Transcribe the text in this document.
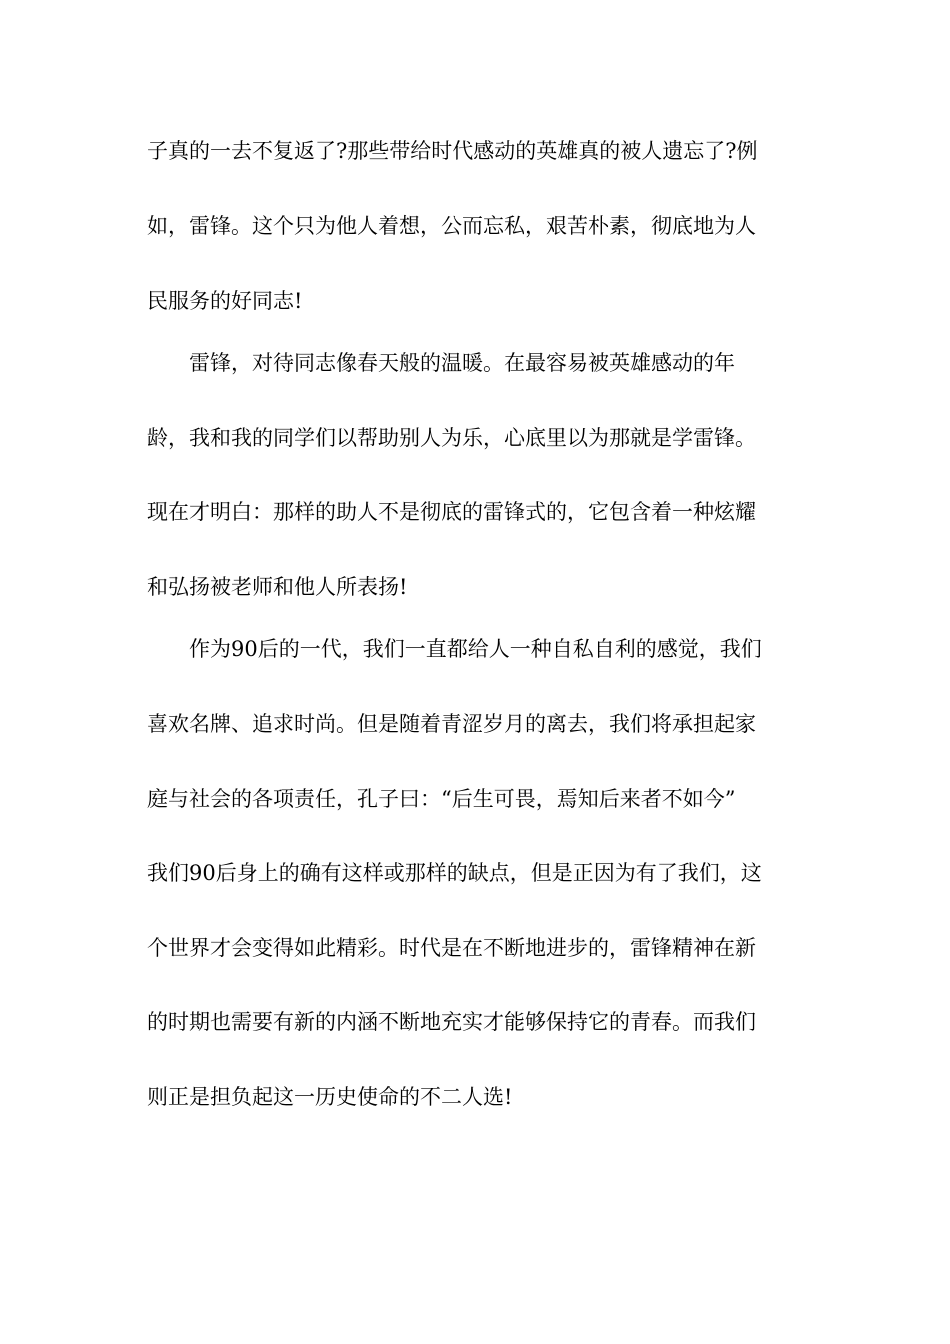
子真的一去不复返了?那些带给时代感动的英雄真的被人遗忘了?例
如，雷锋。这个只为他人着想，公而忘私，艰苦朴素，彻底地为人
民服务的好同志!
雷锋，对待同志像春天般的温暖。在最容易被英雄感动的年
龄，我和我的同学们以帮助别人为乐，心底里以为那就是学雷锋。
现在才明白：那样的助人不是彻底的雷锋式的，它包含着一种炫耀
和弘扬被老师和他人所表扬!
作为90后的一代，我们一直都给人一种自私自利的感觉，我们
喜欢名牌、追求时尚。但是随着青涩岁月的离去，我们将承担起家
庭与社会的各项责任，孔子曰：“后生可畏，焉知后来者不如今”
我们90后身上的确有这样或那样的缺点，但是正因为有了我们，这
个世界才会变得如此精彩。时代是在不断地进步的，雷锋精神在新
的时期也需要有新的内涵不断地充实才能够保持它的青春。而我们
则正是担负起这一历史使命的不二人选!
